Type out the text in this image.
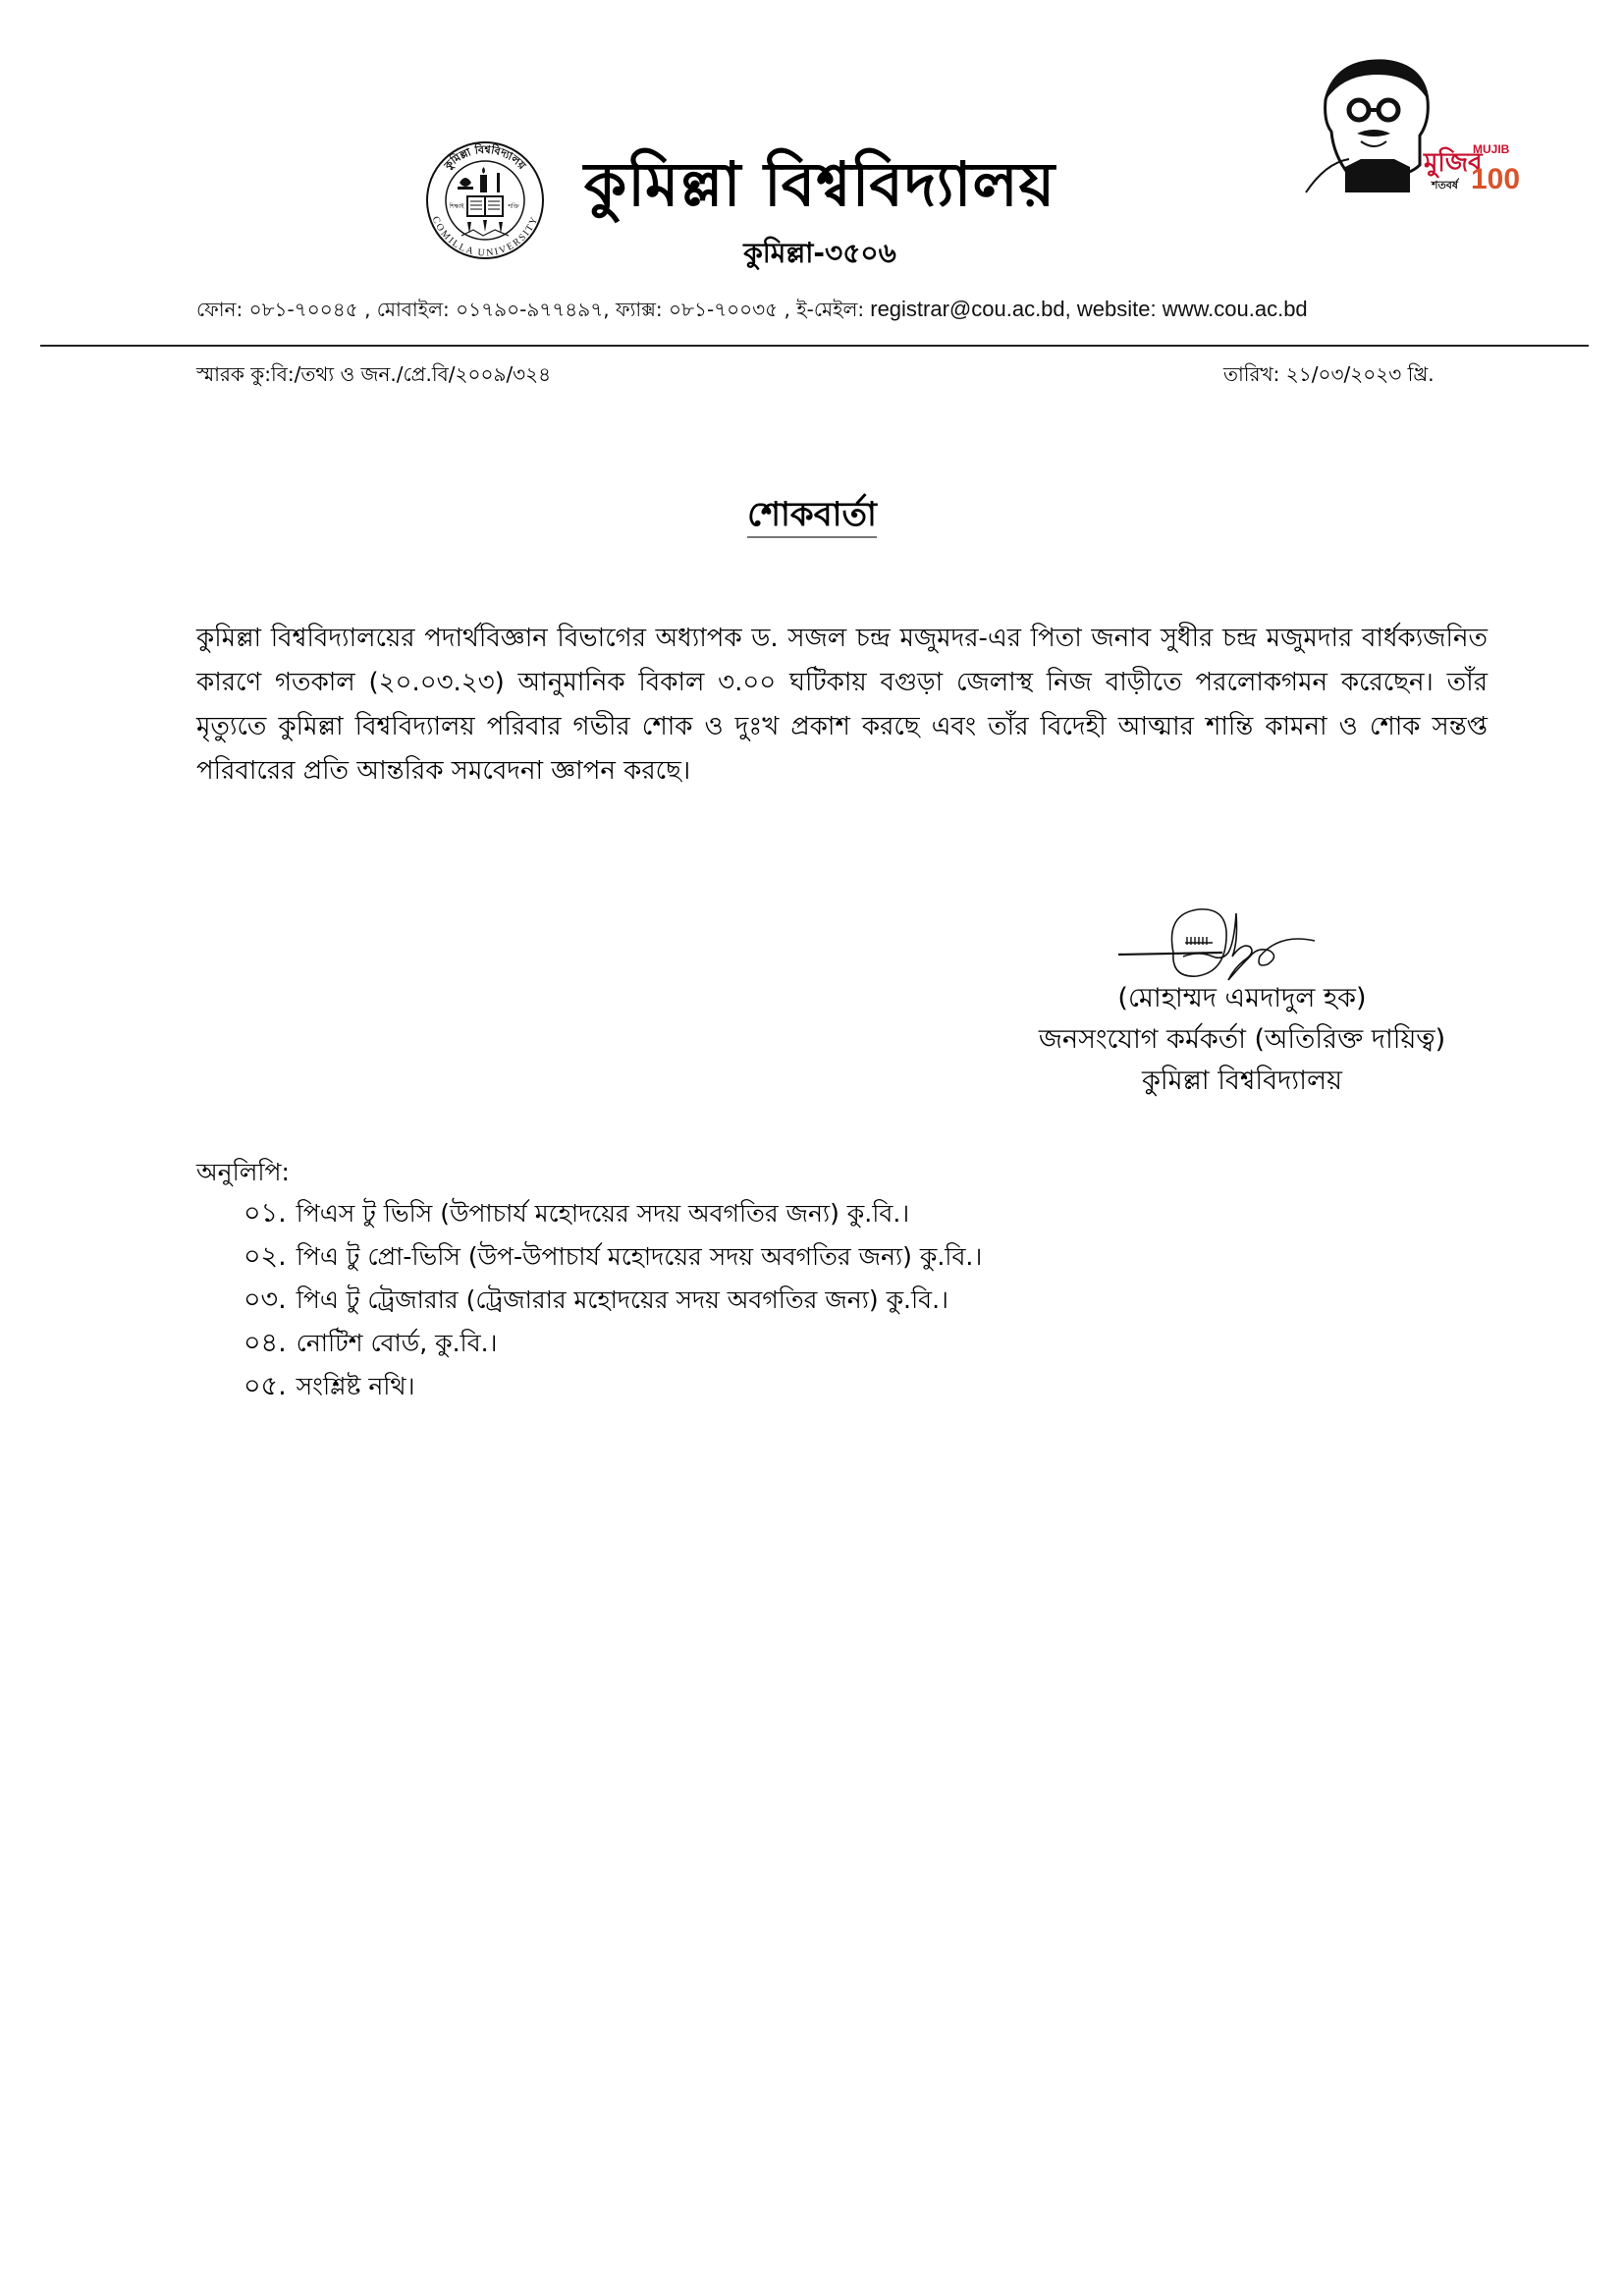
কুমিল্লা বিশ্ববিদ্যালয়
COMILLA UNIVERSITY
শিক্ষাই	শক্তি	কুমিল্লা বিশ্ববিদ্যালয়
কুমিল্লা-৩৫০৬
মুজিব
শতবর্ষ
MUJIB
100
ফোন: ০৮১-৭০০৪৫ , মোবাইল: ০১৭৯০-৯৭৭৪৯৭, ফ্যাক্স: ০৮১-৭০০৩৫ , ই-মেইল: registrar@cou.ac.bd, website: www.cou.ac.bd
স্মারক কু:বি:/তথ্য ও জন./প্রে.বি/২০০৯/৩২৪	তারিখ: ২১/০৩/২০২৩ খ্রি.
শোকবার্তা

কুমিল্লা বিশ্ববিদ্যালয়ের পদার্থবিজ্ঞান বিভাগের অধ্যাপক ড. সজল চন্দ্র মজুমদর-এর পিতা জনাব সুধীর চন্দ্র মজুমদার বার্ধক্যজনিত কারণে গতকাল (২০.০৩.২৩) আনুমানিক বিকাল ৩.০০ ঘটিকায় বগুড়া জেলাস্থ নিজ বাড়ীতে পরলোকগমন করেছেন। তাঁর মৃত্যুতে কুমিল্লা বিশ্ববিদ্যালয় পরিবার গভীর শোক ও দুঃখ প্রকাশ করছে এবং তাঁর বিদেহী আত্মার শান্তি কামনা ও শোক সন্তপ্ত পরিবারের প্রতি আন্তরিক সমবেদনা জ্ঞাপন করছে।

(মোহাম্মদ এমদাদুল হক)
জনসংযোগ কর্মকর্তা (অতিরিক্ত দায়িত্ব)
কুমিল্লা বিশ্ববিদ্যালয়
অনুলিপি:
০১. পিএস টু ভিসি (উপাচার্য মহোদয়ের সদয় অবগতির জন্য) কু.বি.।
০২. পিএ টু প্রো-ভিসি (উপ-উপাচার্য মহোদয়ের সদয় অবগতির জন্য) কু.বি.।
০৩. পিএ টু ট্রেজারার (ট্রেজারার মহোদয়ের সদয় অবগতির জন্য) কু.বি.।
০৪. নোটিশ বোর্ড, কু.বি.।
০৫. সংশ্লিষ্ট নথি।
